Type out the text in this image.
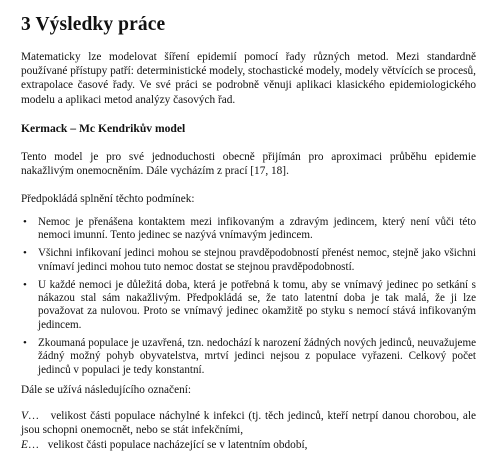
3 Výsledky práce
Matematicky lze modelovat šíření epidemií pomocí řady různých metod. Mezi standardně používané přístupy patří: deterministické modely, stochastické modely, modely větvících se procesů, extrapolace časové řady. Ve své práci se podrobně věnuji aplikaci klasického epidemiologického modelu a aplikaci metod analýzy časových řad.
Kermack – Mc Kendrikův model
Tento model je pro své jednoduchosti obecně přijímán pro aproximaci průběhu epidemie nakažlivým onemocněním. Dále vycházím z prací [17, 18].
Předpokládá splnění těchto podmínek:
• Nemoc je přenášena kontaktem mezi infikovaným a zdravým jedincem, který není vůči této nemoci imunní. Tento jedinec se nazývá vnímavým jedincem.
• Všichni infikovaní jedinci mohou se stejnou pravděpodobností přenést nemoc, stejně jako všichni vnímaví jedinci mohou tuto nemoc dostat se stejnou pravděpodobností.
• U každé nemoci je důležitá doba, která je potřebná k tomu, aby se vnímavý jedinec po setkání s nákazou stal sám nakažlivým. Předpokládá se, že tato latentní doba je tak malá, že ji lze považovat za nulovou. Proto se vnímavý jedinec okamžitě po styku s nemocí stává infikovaným jedincem.
• Zkoumaná populace je uzavřená, tzn. nedochází k narození žádných nových jedinců, neuvažujeme žádný možný pohyb obyvatelstva, mrtví jedinci nejsou z populace vyřazeni. Celkový počet jedinců v populaci je tedy konstantní.
Dále se užívá následujícího označení:
V…   velikost části populace náchylné k infekci (tj. těch jedinců, kteří netrpí danou chorobou, ale jsou schopni onemocnět, nebo se stát infekčními,
E…   velikost části populace nacházející se v latentním období,
